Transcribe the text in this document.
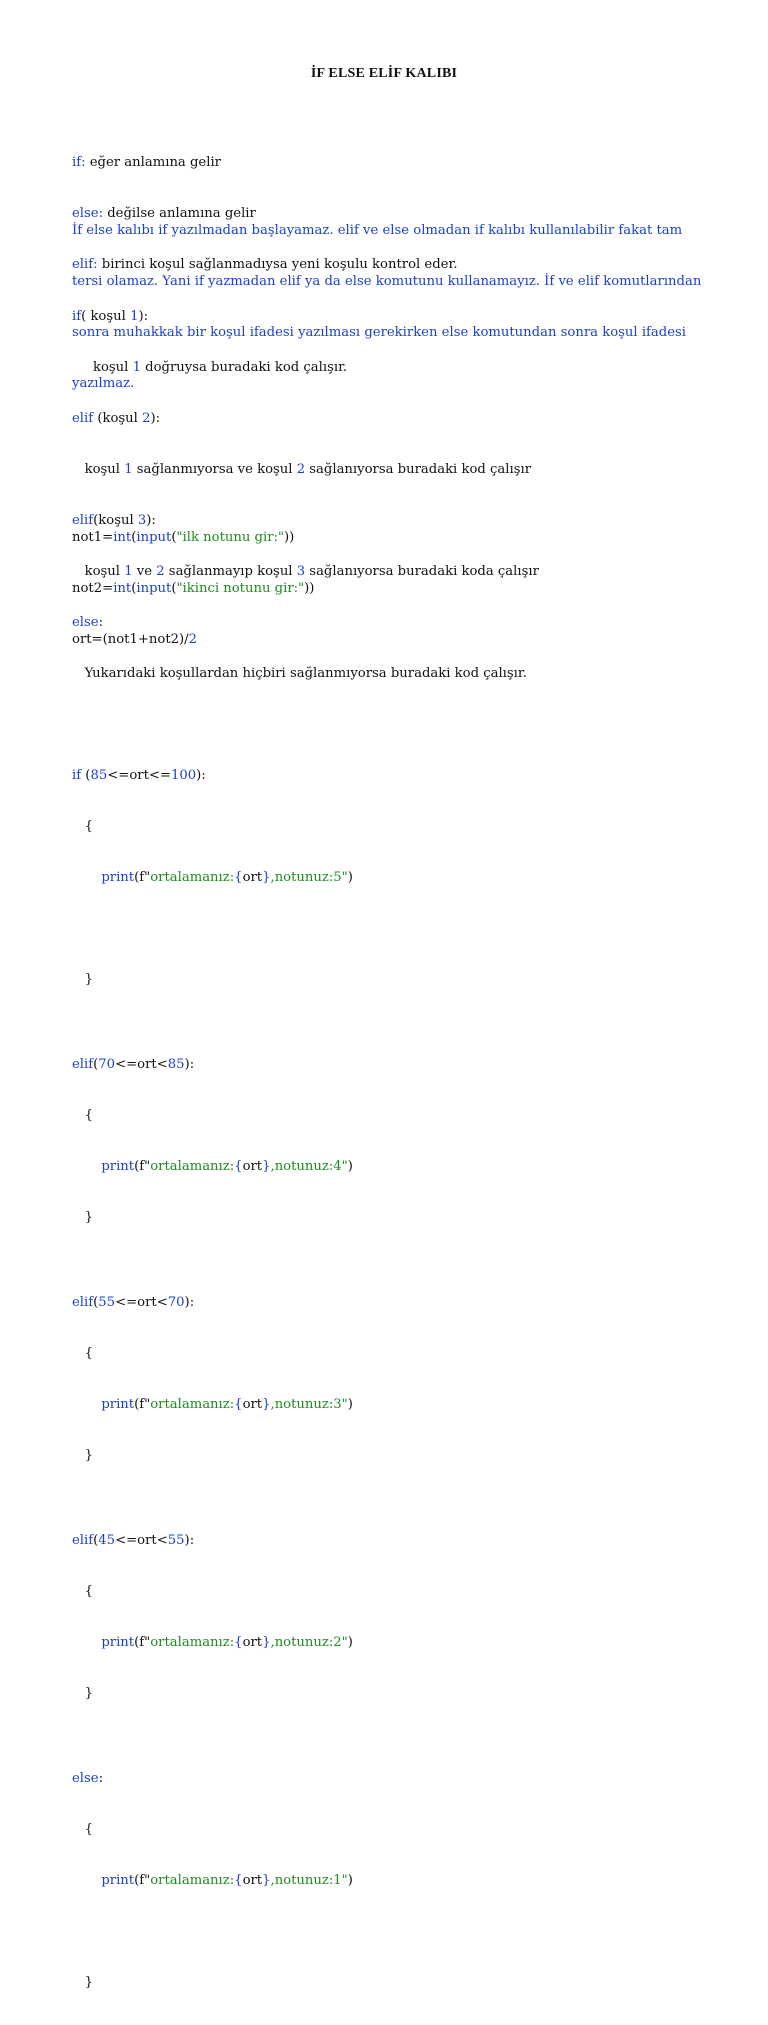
İF ELSE ELİF KALIBI

if: eğer anlamına gelir

else: değilse anlamına gelir

elif: birinci koşul sağlanmadıysa yeni koşulu kontrol eder.

İf else kalıbı if yazılmadan başlayamaz. elif ve else olmadan if kalıbı kullanılabilir fakat tam

tersi olamaz. Yani if yazmadan elif ya da else komutunu kullanamayız. İf ve elif komutlarından

sonra muhakkak bir koşul ifadesi yazılması gerekirken else komutundan sonra koşul ifadesi

yazılmaz.

if( koşul 1):

koşul 1 doğruysa buradaki kod çalışır.

elif (koşul 2):

koşul 1 sağlanmıyorsa ve koşul 2 sağlanıyorsa buradaki kod çalışır

elif(koşul 3):

koşul 1 ve 2 sağlanmayıp koşul 3 sağlanıyorsa buradaki koda çalışır

else:

Yukarıdaki koşullardan hiçbiri sağlanmıyorsa buradaki kod çalışır.

not1=int(input("ilk notunu gir:"))

not2=int(input("ikinci notunu gir:"))

ort=(not1+not2)/2

if (85<=ort<=100):

{

print(f"ortalamanız:{ort},notunuz:5")

}

elif(70<=ort<85):

{

print(f"ortalamanız:{ort},notunuz:4")

}

elif(55<=ort<70):

{

print(f"ortalamanız:{ort},notunuz:3")

}

elif(45<=ort<55):

{

print(f"ortalamanız:{ort},notunuz:2")

}

else:

{

print(f"ortalamanız:{ort},notunuz:1")

}
